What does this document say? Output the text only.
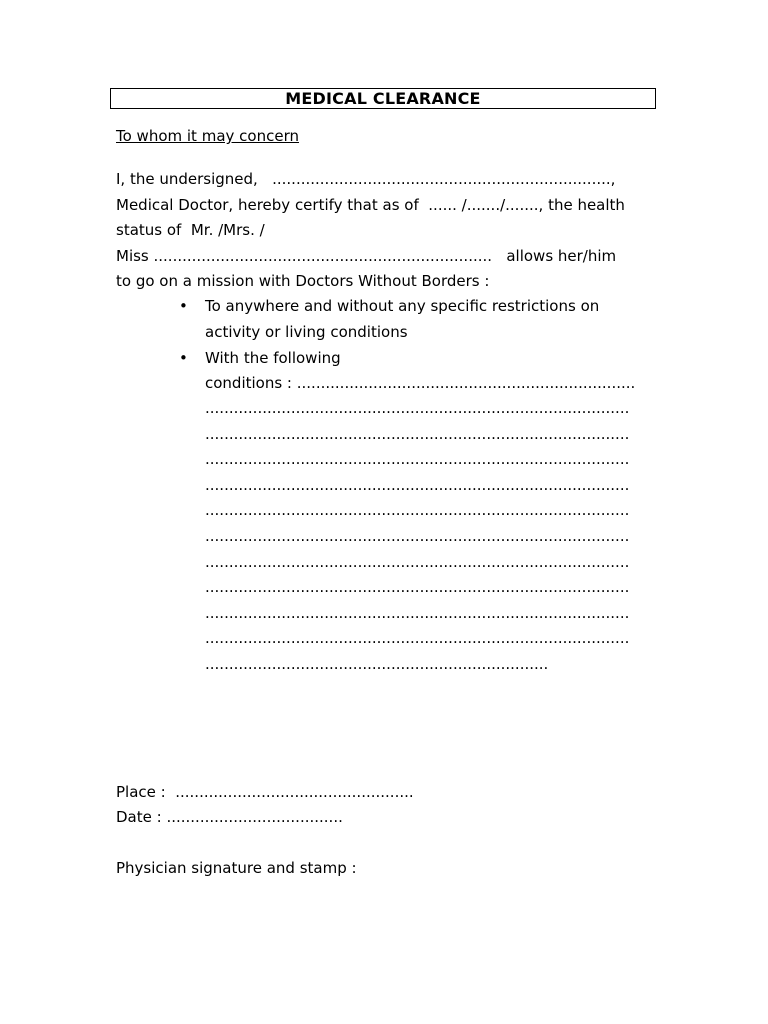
MEDICAL CLEARANCE
To whom it may concern
I, the undersigned,   .......................................................................,
Medical Doctor, hereby certify that as of  ...... /......./......., the health
status of  Mr. /Mrs. /
Miss .......................................................................   allows her/him
to go on a mission with Doctors Without Borders :
• To anywhere and without any specific restrictions on
activity or living conditions
• With the following
conditions : .......................................................................
.........................................................................................
.........................................................................................
.........................................................................................
.........................................................................................
.........................................................................................
.........................................................................................
.........................................................................................
.........................................................................................
.........................................................................................
.........................................................................................
........................................................................
Place :  ..................................................
Date : .....................................
Physician signature and stamp :
